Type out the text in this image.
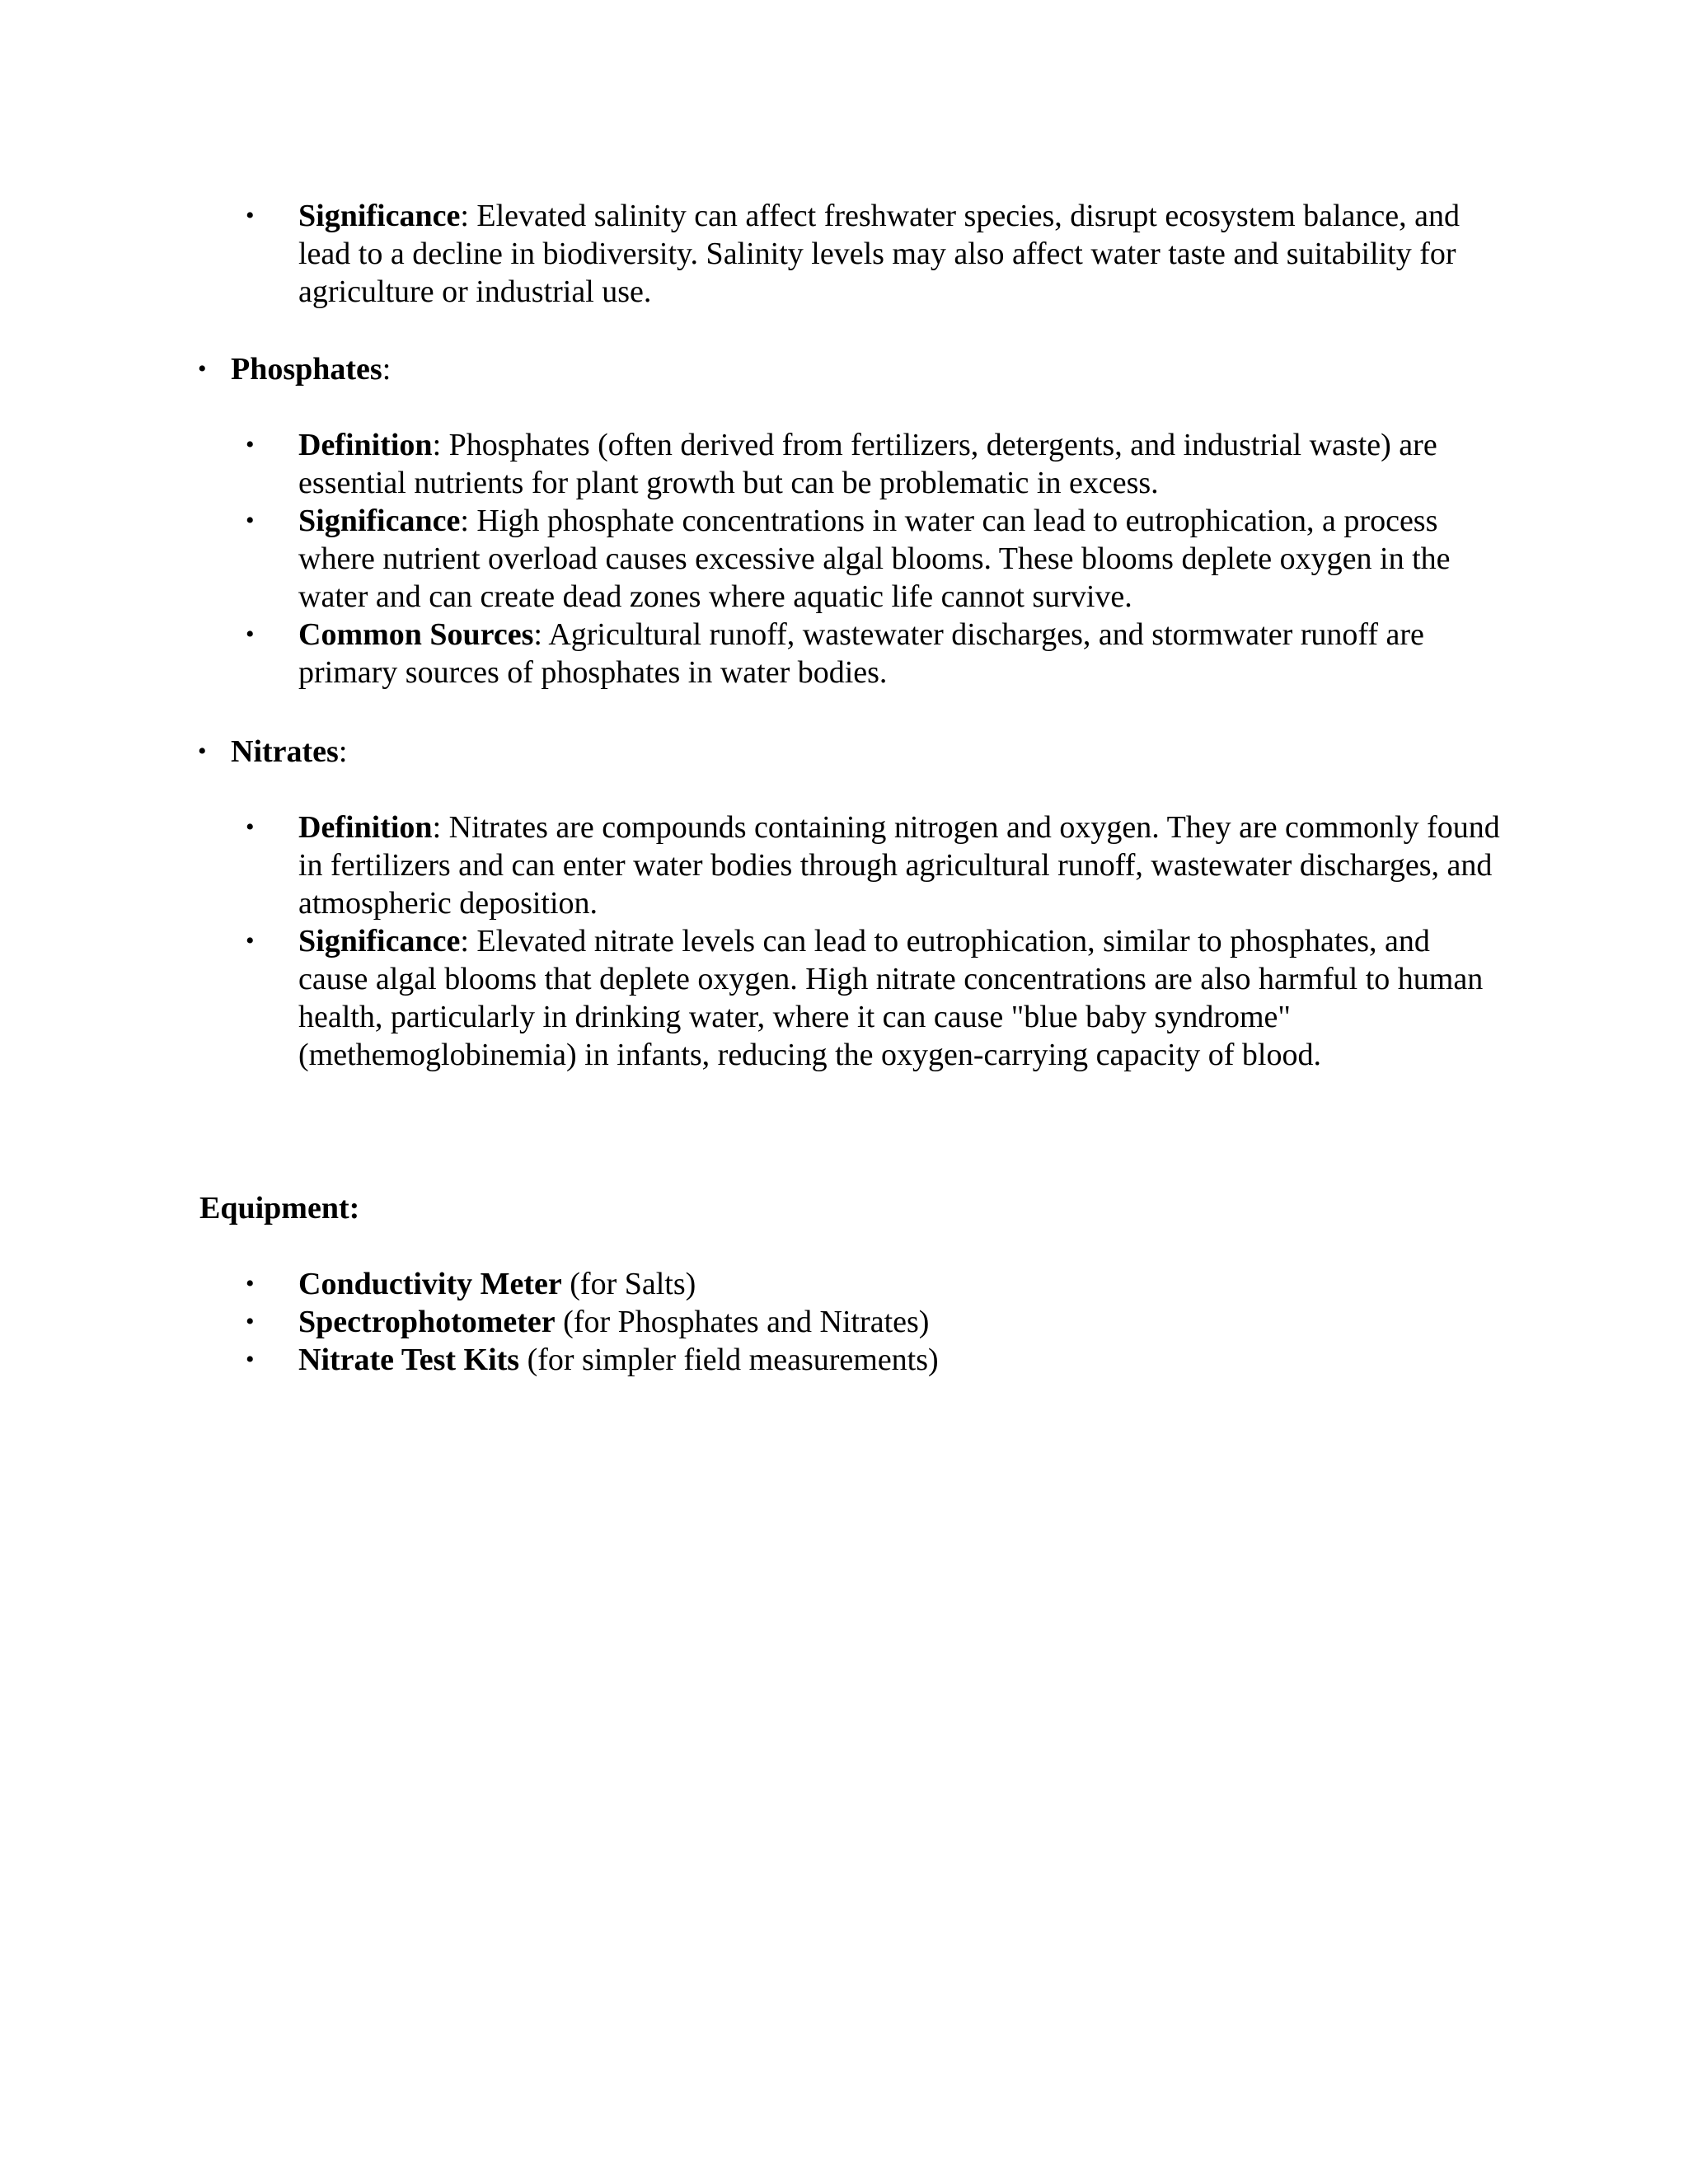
• Significance: Elevated salinity can affect freshwater species, disrupt ecosystem balance, and lead to a decline in biodiversity. Salinity levels may also affect water taste and suitability for agriculture or industrial use.
• Phosphates:
• Definition: Phosphates (often derived from fertilizers, detergents, and industrial waste) are essential nutrients for plant growth but can be problematic in excess.
• Significance: High phosphate concentrations in water can lead to eutrophication, a process where nutrient overload causes excessive algal blooms. These blooms deplete oxygen in the water and can create dead zones where aquatic life cannot survive.
• Common Sources: Agricultural runoff, wastewater discharges, and stormwater runoff are primary sources of phosphates in water bodies.
• Nitrates:
• Definition: Nitrates are compounds containing nitrogen and oxygen. They are commonly found in fertilizers and can enter water bodies through agricultural runoff, wastewater discharges, and atmospheric deposition.
• Significance: Elevated nitrate levels can lead to eutrophication, similar to phosphates, and cause algal blooms that deplete oxygen. High nitrate concentrations are also harmful to human health, particularly in drinking water, where it can cause "blue baby syndrome" (methemoglobinemia) in infants, reducing the oxygen-carrying capacity of blood.
Equipment:
• Conductivity Meter (for Salts)
• Spectrophotometer (for Phosphates and Nitrates)
• Nitrate Test Kits (for simpler field measurements)
